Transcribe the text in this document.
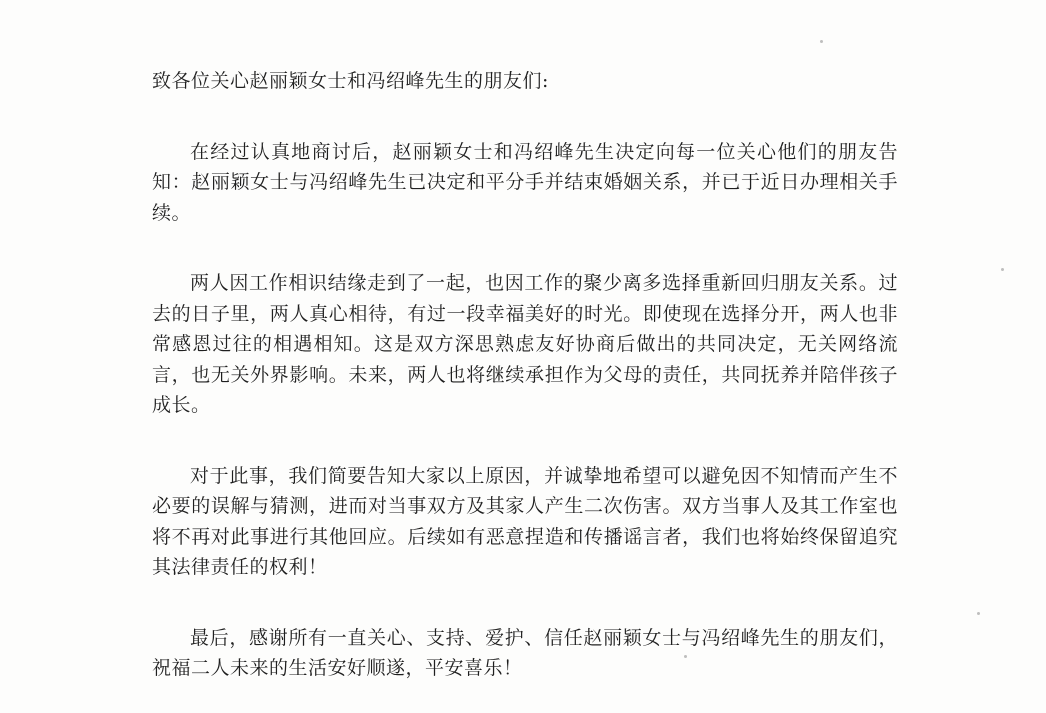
致各位关心赵丽颖女士和冯绍峰先生的朋友们:

在经过认真地商讨后，赵丽颖女士和冯绍峰先生决定向每一位关心他们的朋友告知：赵丽颖女士与冯绍峰先生已决定和平分手并结束婚姻关系，并已于近日办理相关手续。

两人因工作相识结缘走到了一起，也因工作的聚少离多选择重新回归朋友关系。过去的日子里，两人真心相待，有过一段幸福美好的时光。即使现在选择分开，两人也非常感恩过往的相遇相知。这是双方深思熟虑友好协商后做出的共同决定，无关网络流言，也无关外界影响。未来，两人也将继续承担作为父母的责任，共同抚养并陪伴孩子成长。

对于此事，我们简要告知大家以上原因，并诚挚地希望可以避免因不知情而产生不必要的误解与猜测，进而对当事双方及其家人产生二次伤害。双方当事人及其工作室也将不再对此事进行其他回应。后续如有恶意捏造和传播谣言者，我们也将始终保留追究其法律责任的权利！

最后，感谢所有一直关心、支持、爱护、信任赵丽颖女士与冯绍峰先生的朋友们，祝福二人未来的生活安好顺遂，平安喜乐！
